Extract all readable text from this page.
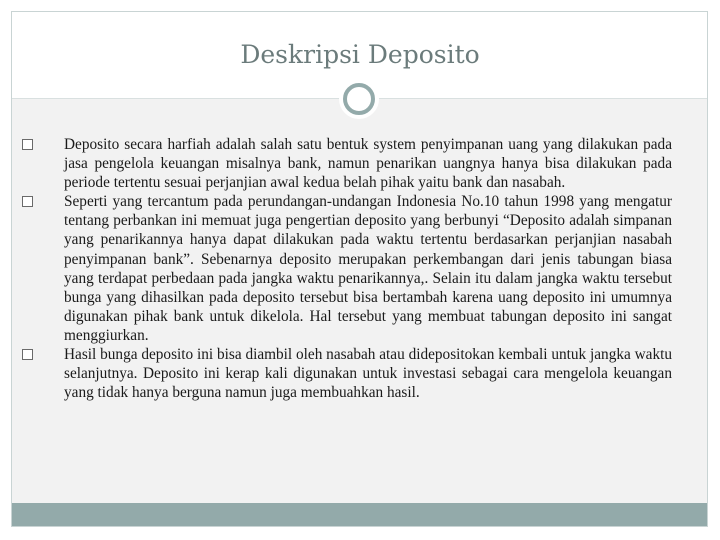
Deskripsi Deposito
Deposito secara harfiah adalah salah satu bentuk system penyimpanan uang yang dilakukan pada jasa pengelola keuangan misalnya bank, namun penarikan uangnya hanya bisa dilakukan pada periode tertentu sesuai perjanjian awal kedua belah pihak yaitu bank dan nasabah.
Seperti yang tercantum pada perundangan-undangan Indonesia No.10 tahun 1998 yang mengatur tentang perbankan ini memuat juga pengertian deposito yang berbunyi “Deposito adalah simpanan yang penarikannya hanya dapat dilakukan pada waktu tertentu berdasarkan perjanjian nasabah penyimpanan bank”. Sebenarnya deposito merupakan perkembangan dari jenis tabungan biasa yang terdapat perbedaan pada jangka waktu penarikannya,. Selain itu dalam jangka waktu tersebut bunga yang dihasilkan pada deposito tersebut bisa bertambah karena uang deposito ini umumnya digunakan pihak bank untuk dikelola. Hal tersebut yang membuat tabungan deposito ini sangat menggiurkan.
Hasil bunga deposito ini bisa diambil oleh nasabah atau didepositokan kembali untuk jangka waktu selanjutnya. Deposito ini kerap kali digunakan untuk investasi sebagai cara mengelola keuangan yang tidak hanya berguna namun juga membuahkan hasil.
